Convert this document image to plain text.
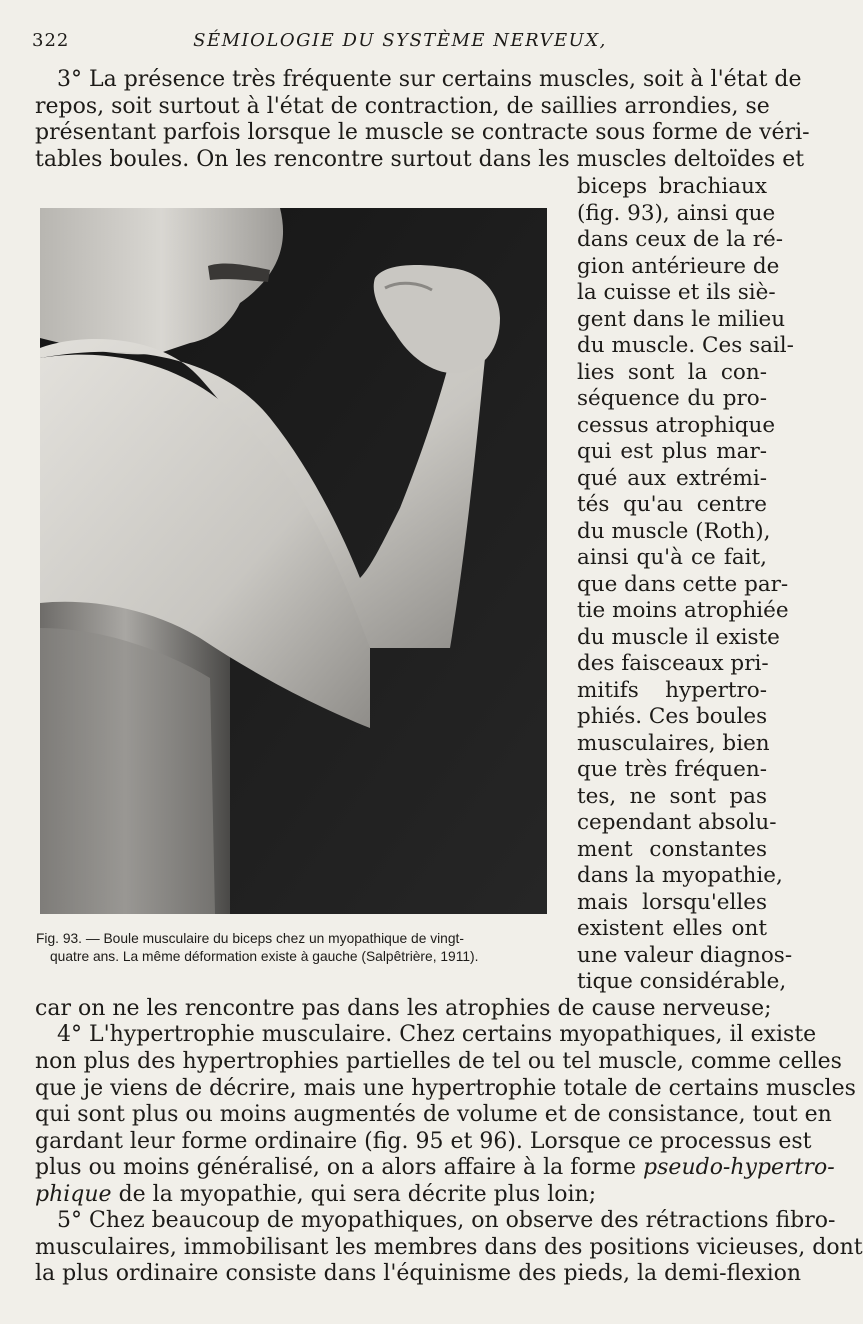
322	SÉMIOLOGIE DU SYSTÈME NERVEUX,
3° La présence très fréquente sur certains muscles, soit à l'état de
repos, soit surtout à l'état de contraction, de saillies arrondies, se
présentant parfois lorsque le muscle se contracte sous forme de véri-
tables boules. On les rencontre surtout dans les muscles deltoïdes et
biceps brachiaux
(fig. 93), ainsi que
dans ceux de la ré-
gion antérieure de
la cuisse et ils siè-
gent dans le milieu
du muscle. Ces sail-
lies sont la con-
séquence du pro-
cessus atrophique
qui est plus mar-
qué aux extrémi-
tés qu'au centre
du muscle (Roth),
ainsi qu'à ce fait,
que dans cette par-
tie moins atrophiée
du muscle il existe
des faisceaux pri-
mitifs hypertro-
phiés. Ces boules
musculaires, bien
que très fréquen-
tes, ne sont pas
cependant absolu-
ment constantes
dans la myopathie,
mais lorsqu'elles
existent elles ont
une valeur diagnos-
tique considérable,
Fig. 93. — Boule musculaire du biceps chez un myopathique de vingt-
quatre ans. La même déformation existe à gauche (Salpêtrière, 1911).
car on ne les rencontre pas dans les atrophies de cause nerveuse;
4° L'hypertrophie musculaire. Chez certains myopathiques, il existe
non plus des hypertrophies partielles de tel ou tel muscle, comme celles
que je viens de décrire, mais une hypertrophie totale de certains muscles
qui sont plus ou moins augmentés de volume et de consistance, tout en
gardant leur forme ordinaire (fig. 95 et 96). Lorsque ce processus est
plus ou moins généralisé, on a alors affaire à la forme pseudo-hypertro-
phique de la myopathie, qui sera décrite plus loin;
5° Chez beaucoup de myopathiques, on observe des rétractions fibro-
musculaires, immobilisant les membres dans des positions vicieuses, dont
la plus ordinaire consiste dans l'équinisme des pieds, la demi-flexion
